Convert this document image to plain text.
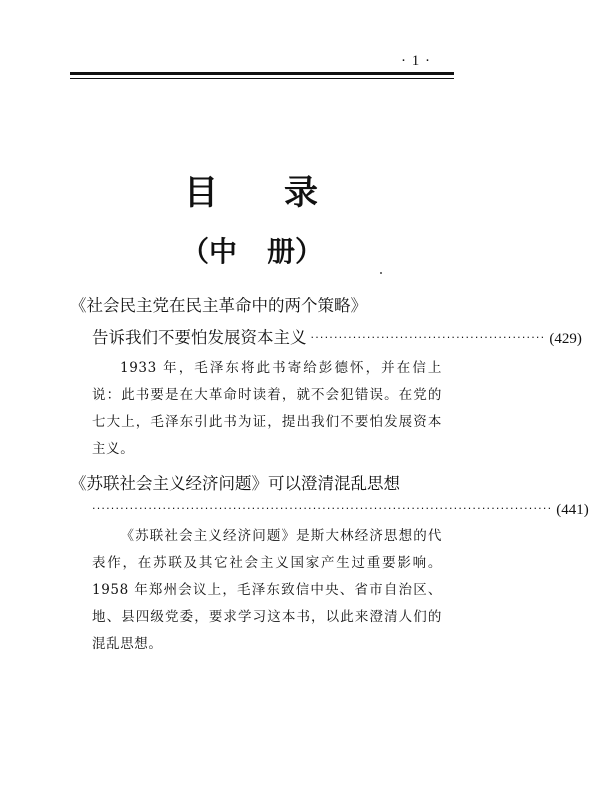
· 1 ·
目 录
（中 册）
《社会民主党在民主革命中的两个策略》
告诉我们不要怕发展资本主义 ·················································· (429)
1933 年，毛泽东将此书寄给彭德怀，并在信上说：此书要是在大革命时读着，就不会犯错误。在党的七大上，毛泽东引此书为证，提出我们不要怕发展资本主义。
《苏联社会主义经济问题》可以澄清混乱思想
·································································································· (441)
《苏联社会主义经济问题》是斯大林经济思想的代表作，在苏联及其它社会主义国家产生过重要影响。1958 年郑州会议上，毛泽东致信中央、省市自治区、地、县四级党委，要求学习这本书，以此来澄清人们的混乱思想。
